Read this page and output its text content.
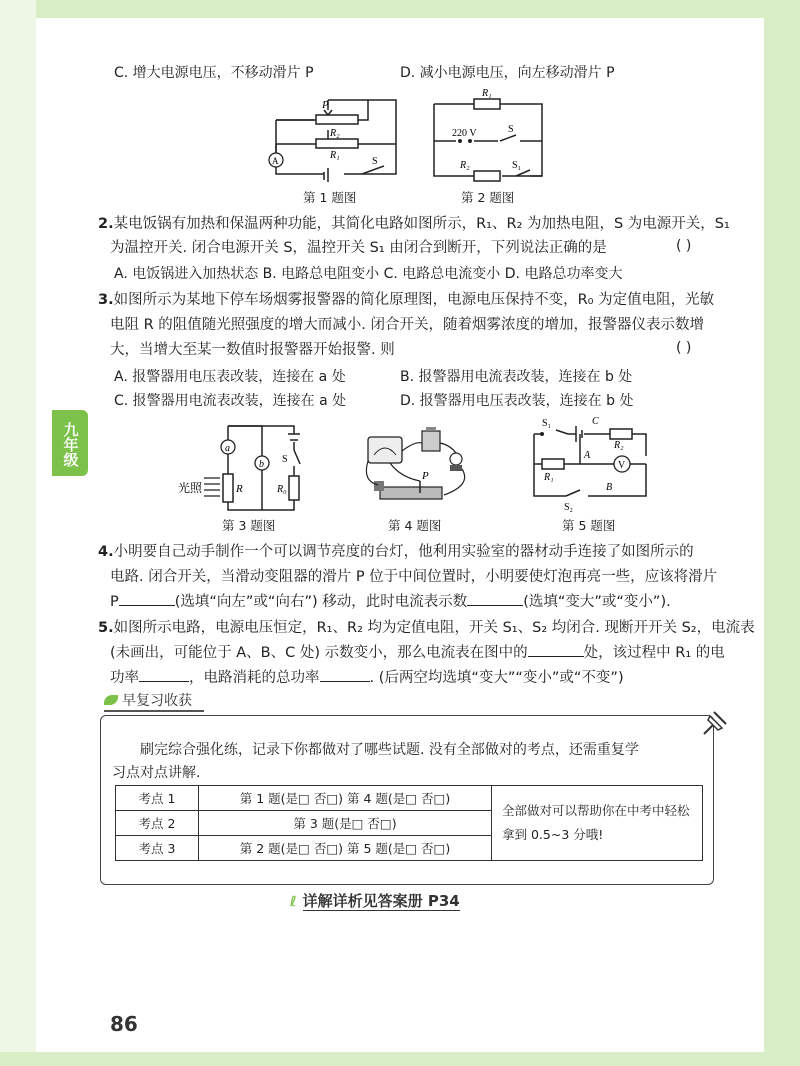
九年级
C. 增大电源电压，不移动滑片 P	D. 减小电源电压，向左移动滑片 P
A
P
R₂
R₁
S
第 1 题图
R₁
220 V	S
R₂	S₁
第 2 题图
2.某电饭锅有加热和保温两种功能，其简化电路如图所示，R₁、R₂ 为加热电阻，S 为电源开关，S₁
为温控开关. 闭合电源开关 S，温控开关 S₁ 由闭合到断开，下列说法正确的是	( )
A. 电饭锅进入加热状态 B. 电路总电阻变小 C. 电路总电流变小 D. 电路总功率变大
3.如图所示为某地下停车场烟雾报警器的简化原理图，电源电压保持不变，R₀ 为定值电阻，光敏
电阻 R 的阻值随光照强度的增大而减小. 闭合开关，随着烟雾浓度的增加，报警器仪表示数增
大，当增大至某一数值时报警器开始报警. 则	( )
A. 报警器用电压表改装，连接在 a 处	B. 报警器用电流表改装，连接在 b 处
C. 报警器用电流表改装，连接在 a 处	D. 报警器用电压表改装，连接在 b 处
a
b S
光照	R	R₀
第 3 题图
P
第 4 题图
C
S₁
R₂
A
V
R₁
B
S₂
第 5 题图
4.小明要自己动手制作一个可以调节亮度的台灯，他利用实验室的器材动手连接了如图所示的
电路. 闭合开关，当滑动变阻器的滑片 P 位于中间位置时，小明要使灯泡再亮一些，应该将滑片
P	(选填“向左”或“向右”) 移动，此时电流表示数	(选填“变大”或“变小”).
5.如图所示电路，电源电压恒定，R₁、R₂ 均为定值电阻，开关 S₁、S₂ 均闭合. 现断开开关 S₂，电流表
(未画出，可能位于 A、B、C 处) 示数变小，那么电流表在图中的	处，该过程中 R₁ 的电
功率	，电路消耗的总功率	. (后两空均选填“变大”“变小”或“不变”)
早复习收获
刷完综合强化练，记录下你都做对了哪些试题. 没有全部做对的考点，还需重复学
习点对点讲解.
考点 1	第 1 题(是□ 否□) 第 4 题(是□ 否□)	全部做对可以帮助你在中考中轻松拿到 0.5~3 分哦!
考点 2	第 3 题(是□ 否□)	
考点 3	第 2 题(是□ 否□) 第 5 题(是□ 否□)	
ℓ 详解详析见答案册 P34
86
